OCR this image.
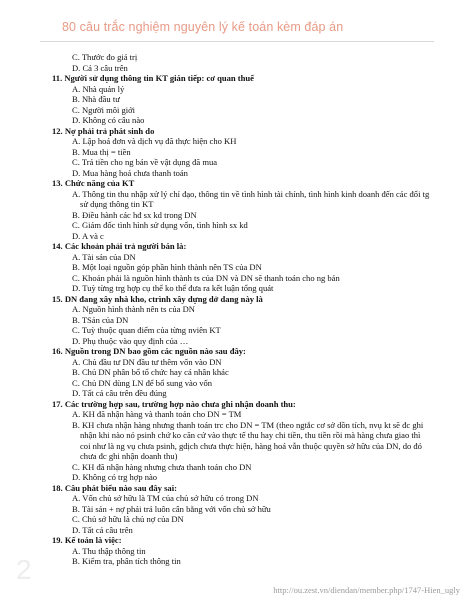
80 câu trắc nghiệm nguyên lý kế toán kèm đáp án
C. Thước đo giá trị
D. Cả 3 câu trên
11. Người sử dụng thông tin KT gián tiếp: cơ quan thuế
A. Nhà quản lý
B. Nhà đầu tư
C. Người môi giới
D. Không có câu nào
12. Nợ phải trả phát sinh do
A. Lập hoá đơn và dịch vụ đã thực hiện cho KH
B. Mua thị = tiền
C. Trả tiền cho ng bán về vật dụng đã mua
D. Mua hàng hoá chưa thanh toán
13. Chức năng của KT
A. Thông tin thu nhập xử lý chỉ đạo, thông tin về tình hình tài chính, tình hình kinh doanh đến các đối tg sử dụng thông tin KT
B. Điều hành các hđ sx kd trong DN
C. Giám đốc tình hình sử dụng vốn, tình hình sx kd
D. A và c
14. Các khoản phải trả người bán là:
A. Tài sản của DN
B. Một loại nguồn góp phần hình thành nên TS của DN
C. Khoản phải là nguồn hình thành ts của DN và DN sẽ thanh toán cho ng bán
D. Tuỳ từng trg hợp cụ thể ko thể đưa ra kết luận tổng quát
15. DN đang xây nhà kho, ctrình xây dựng dở dang này là
A. Nguồn hình thành nên ts của DN
B. TSản của DN
C. Tuỳ thuộc quan điểm của từng nviên KT
D. Phụ thuộc vào quy định của …
16. Nguồn trong DN bao gồm các nguồn nào sau đây:
A. Chủ đầu tư DN đầu tư thêm vốn vào DN
B. Chủ DN phân bổ tổ chức hay cá nhân khác
C. Chủ DN dùng LN để bổ sung vào vốn
D. Tất cả câu trên đều đúng
17. Các trường hợp sau, trường hợp nào chưa ghi nhận doanh thu:
A. KH đã nhận hàng và thanh toán cho DN = TM
B. KH chưa nhận hàng nhưng thanh toán trc cho DN = TM (theo ngtắc cơ sở dồn tích, nvụ kt sẽ đc ghi nhận khi nào nó psinh chứ ko căn cứ vào thực tế thu hay chi tiền, thu tiền rồi mà hàng chưa giao thì coi như là ng vụ chưa psinh, gdịch chưa thực hiện, hàng hoá vẫn thuộc quyền sở hữu của DN, do đó chưa đc ghi nhận doanh thu)
C. KH đã nhận hàng nhưng chưa thanh toán cho DN
D. Không có trg hợp nào
18. Câu phát biểu nào sau đây sai:
A. Vốn chủ sở hữu là TM của chủ sở hữu có trong DN
B. Tài sản + nợ phải trả luôn cân bằng với vốn chủ sở hữu
C. Chủ sở hữu là chủ nợ của DN
D. Tất cả câu trên
19. Kế toán là việc:
A. Thu thập thông tin
B. Kiểm tra, phân tích thông tin
2
http://ou.zest.vn/diendan/member.php/1747-Hien_ugly
